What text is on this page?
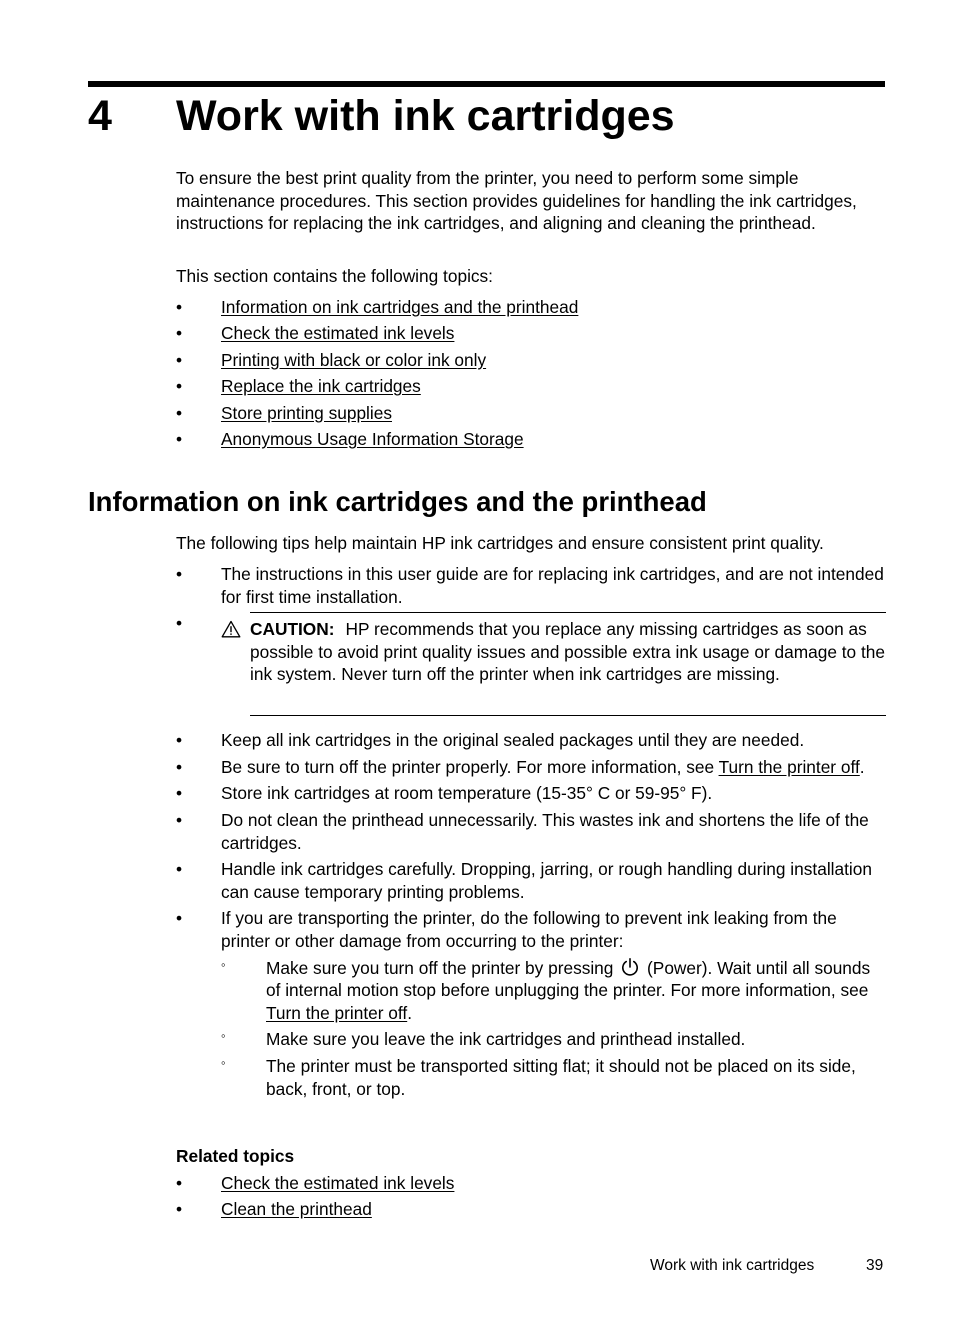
4 Work with ink cartridges

To ensure the best print quality from the printer, you need to perform some simple maintenance procedures. This section provides guidelines for handling the ink cartridges, instructions for replacing the ink cartridges, and aligning and cleaning the printhead.

This section contains the following topics:

• Information on ink cartridges and the printhead
• Check the estimated ink levels
• Printing with black or color ink only
• Replace the ink cartridges
• Store printing supplies
• Anonymous Usage Information Storage
Information on ink cartridges and the printhead

The following tips help maintain HP ink cartridges and ensure consistent print quality.

• The instructions in this user guide are for replacing ink cartridges, and are not intended for first time installation.
•	CAUTION: HP recommends that you replace any missing cartridges as soon as possible to avoid print quality issues and possible extra ink usage or damage to the ink system. Never turn off the printer when ink cartridges are missing.
• Keep all ink cartridges in the original sealed packages until they are needed.
• Be sure to turn off the printer properly. For more information, see Turn the printer off.
• Store ink cartridges at room temperature (15-35° C or 59-95° F).
• Do not clean the printhead unnecessarily. This wastes ink and shortens the life of the cartridges.
• Handle ink cartridges carefully. Dropping, jarring, or rough handling during installation can cause temporary printing problems.
• If you are transporting the printer, do the following to prevent ink leaking from the printer or other damage from occurring to the printer:
◦ Make sure you turn off the printer by pressing (Power). Wait until all sounds of internal motion stop before unplugging the printer. For more information, see Turn the printer off.
◦ Make sure you leave the ink cartridges and printhead installed.
◦ The printer must be transported sitting flat; it should not be placed on its side, back, front, or top.
Related topics
• Check the estimated ink levels
• Clean the printhead
Work with ink cartridges	39
